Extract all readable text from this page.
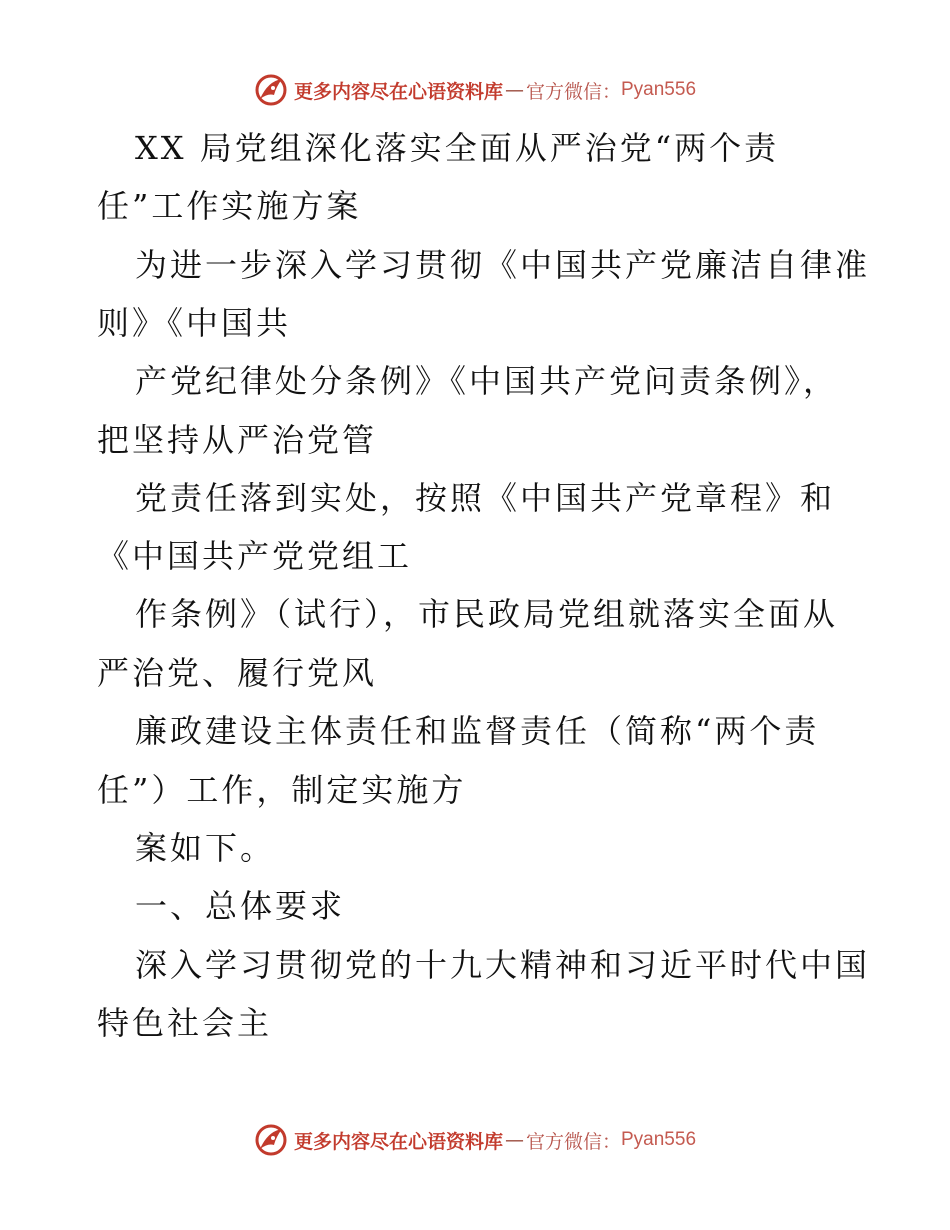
更多内容尽在心语资料库 — 官方微信： Pyan556
XX 局党组深化落实全面从严治党“两个责
任”工作实施方案
为进一步深入学习贯彻《中国共产党廉洁自律准
则》《中国共
产党纪律处分条例》《中国共产党问责条例》，
把坚持从严治党管
党责任落到实处，按照《中国共产党章程》和
《中国共产党党组工
作条例》（试行），市民政局党组就落实全面从
严治党、履行党风
廉政建设主体责任和监督责任（简称“两个责
任”）工作，制定实施方
案如下。
一、总体要求
深入学习贯彻党的十九大精神和习近平时代中国
特色社会主
更多内容尽在心语资料库 — 官方微信： Pyan556
